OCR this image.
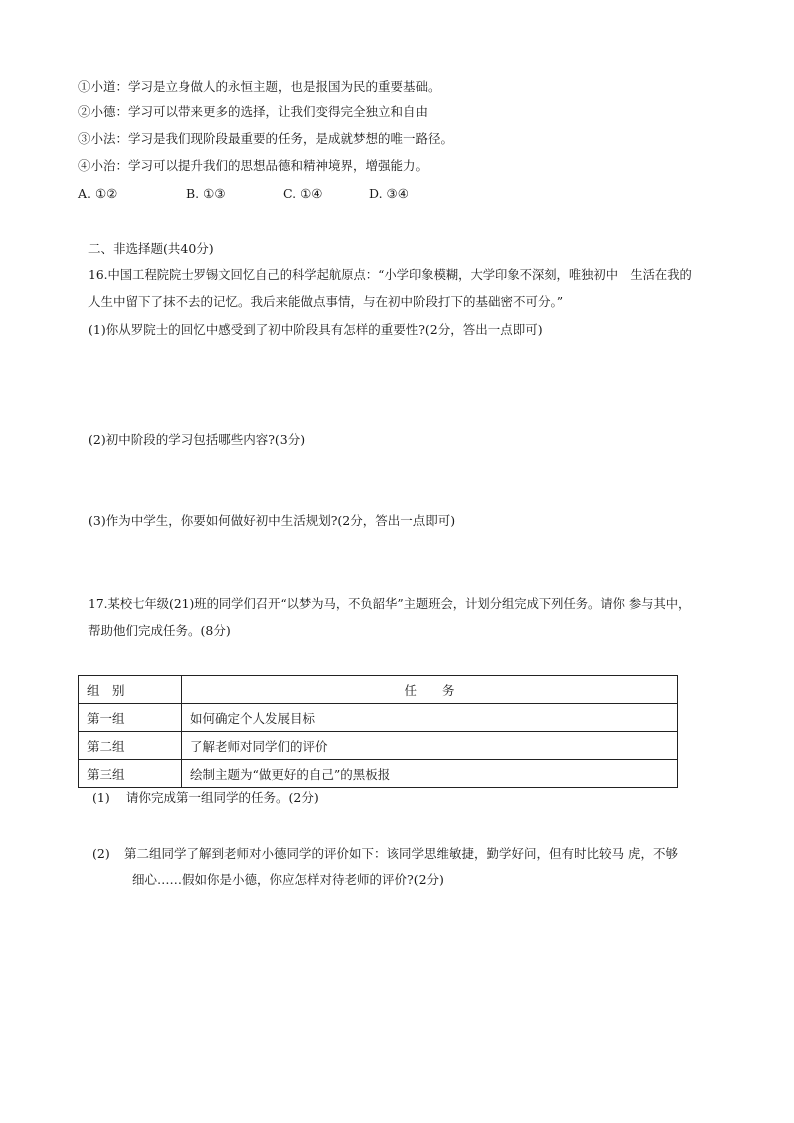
①小道：学习是立身做人的永恒主题，也是报国为民的重要基础。
②小德：学习可以带来更多的选择，让我们变得完全独立和自由
③小法：学习是我们现阶段最重要的任务，是成就梦想的唯一路径。
④小治：学习可以提升我们的思想品德和精神境界，增强能力。
A. ①②	B. ①③	C. ①④	D. ③④
二、非选择题(共40分)
16.中国工程院院士罗锡文回忆自己的科学起航原点：“小学印象模糊，大学印象不深刻，唯独初中　生活在我的
人生中留下了抹不去的记忆。我后来能做点事情，与在初中阶段打下的基础密不可分。”
(1)你从罗院士的回忆中感受到了初中阶段具有怎样的重要性?(2分，答出一点即可)
(2)初中阶段的学习包括哪些内容?(3分)
(3)作为中学生，你要如何做好初中生活规划?(2分，答出一点即可)
17.某校七年级(21)班的同学们召开“以梦为马，不负韶华”主题班会，计划分组完成下列任务。请你 参与其中，
帮助他们完成任务。(8分)
组　别	任　　务
第一组	如何确定个人发展目标
第二组	了解老师对同学们的评价
第三组	绘制主题为“做更好的自己”的黑板报
(1) 请你完成第一组同学的任务。(2分)
(2) 第二组同学了解到老师对小德同学的评价如下：该同学思维敏捷，勤学好问，但有时比较马 虎，不够
细心……假如你是小德，你应怎样对待老师的评价?(2分)
